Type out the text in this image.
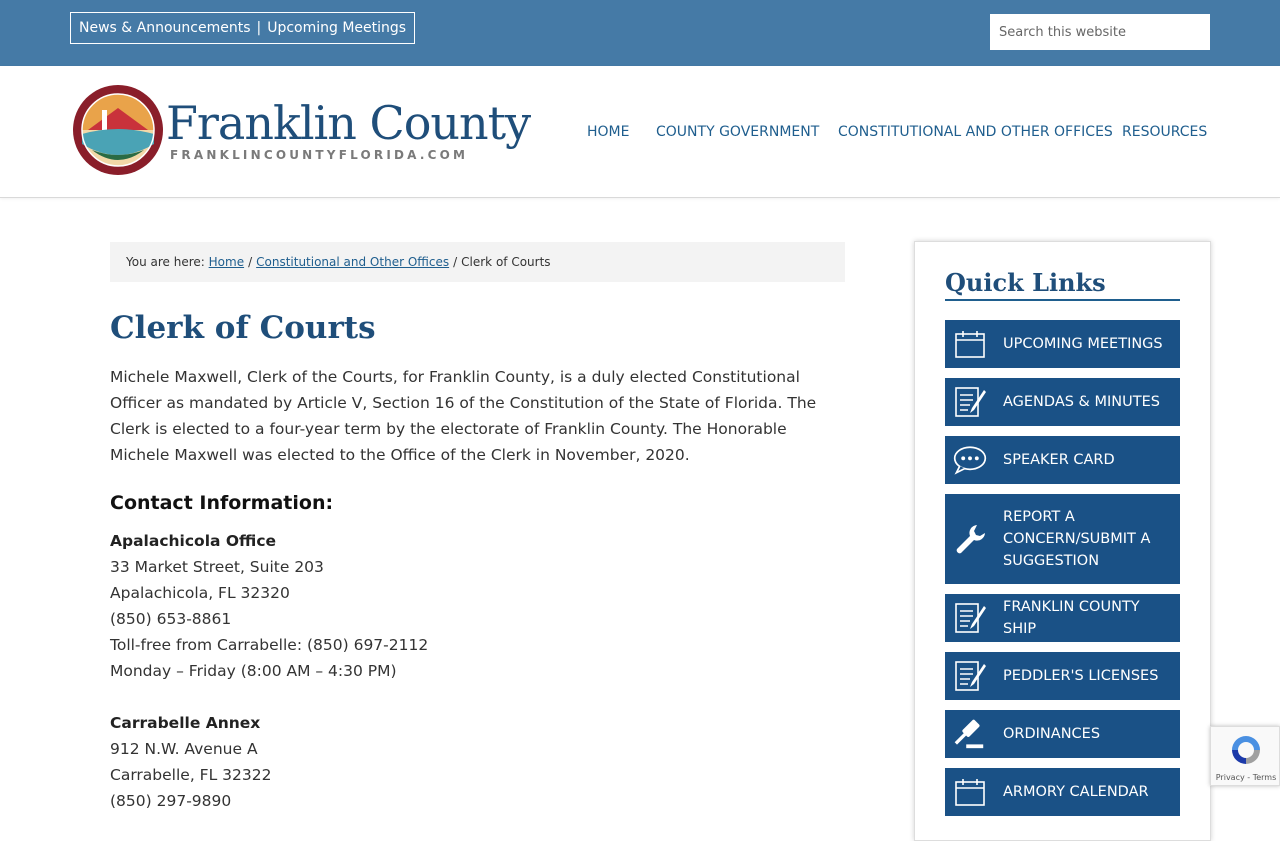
News & Announcements | Upcoming Meetings
Search this website
Franklin County
FRANKLINCOUNTYFLORIDA.COM
HOME COUNTY GOVERNMENT CONSTITUTIONAL AND OTHER OFFICES RESOURCES
You are here:
Home / Constitutional and Other Offices / Clerk of Courts
Clerk of Courts

Michele Maxwell, Clerk of the Courts, for Franklin County, is a duly elected Constitutional Officer as mandated by Article V, Section 16 of the Constitution of the State of Florida. The Clerk is elected to a four-year term by the electorate of Franklin County. The Honorable Michele Maxwell was elected to the Office of the Clerk in November, 2020.

Contact Information:
Apalachicola Office
33 Market Street, Suite 203
Apalachicola, FL 32320
(850) 653-8861
Toll-free from Carrabelle: (850) 697-2112
Monday – Friday (8:00 AM – 4:30 PM)
Carrabelle Annex
912 N.W. Avenue A
Carrabelle, FL 32322
(850) 297-9890
Quick Links
UPCOMING MEETINGS
AGENDAS & MINUTES
SPEAKER CARD
REPORT A CONCERN/SUBMIT A SUGGESTION
FRANKLIN COUNTY SHIP
PEDDLER'S LICENSES
ORDINANCES
ARMORY CALENDAR
Privacy - Terms
